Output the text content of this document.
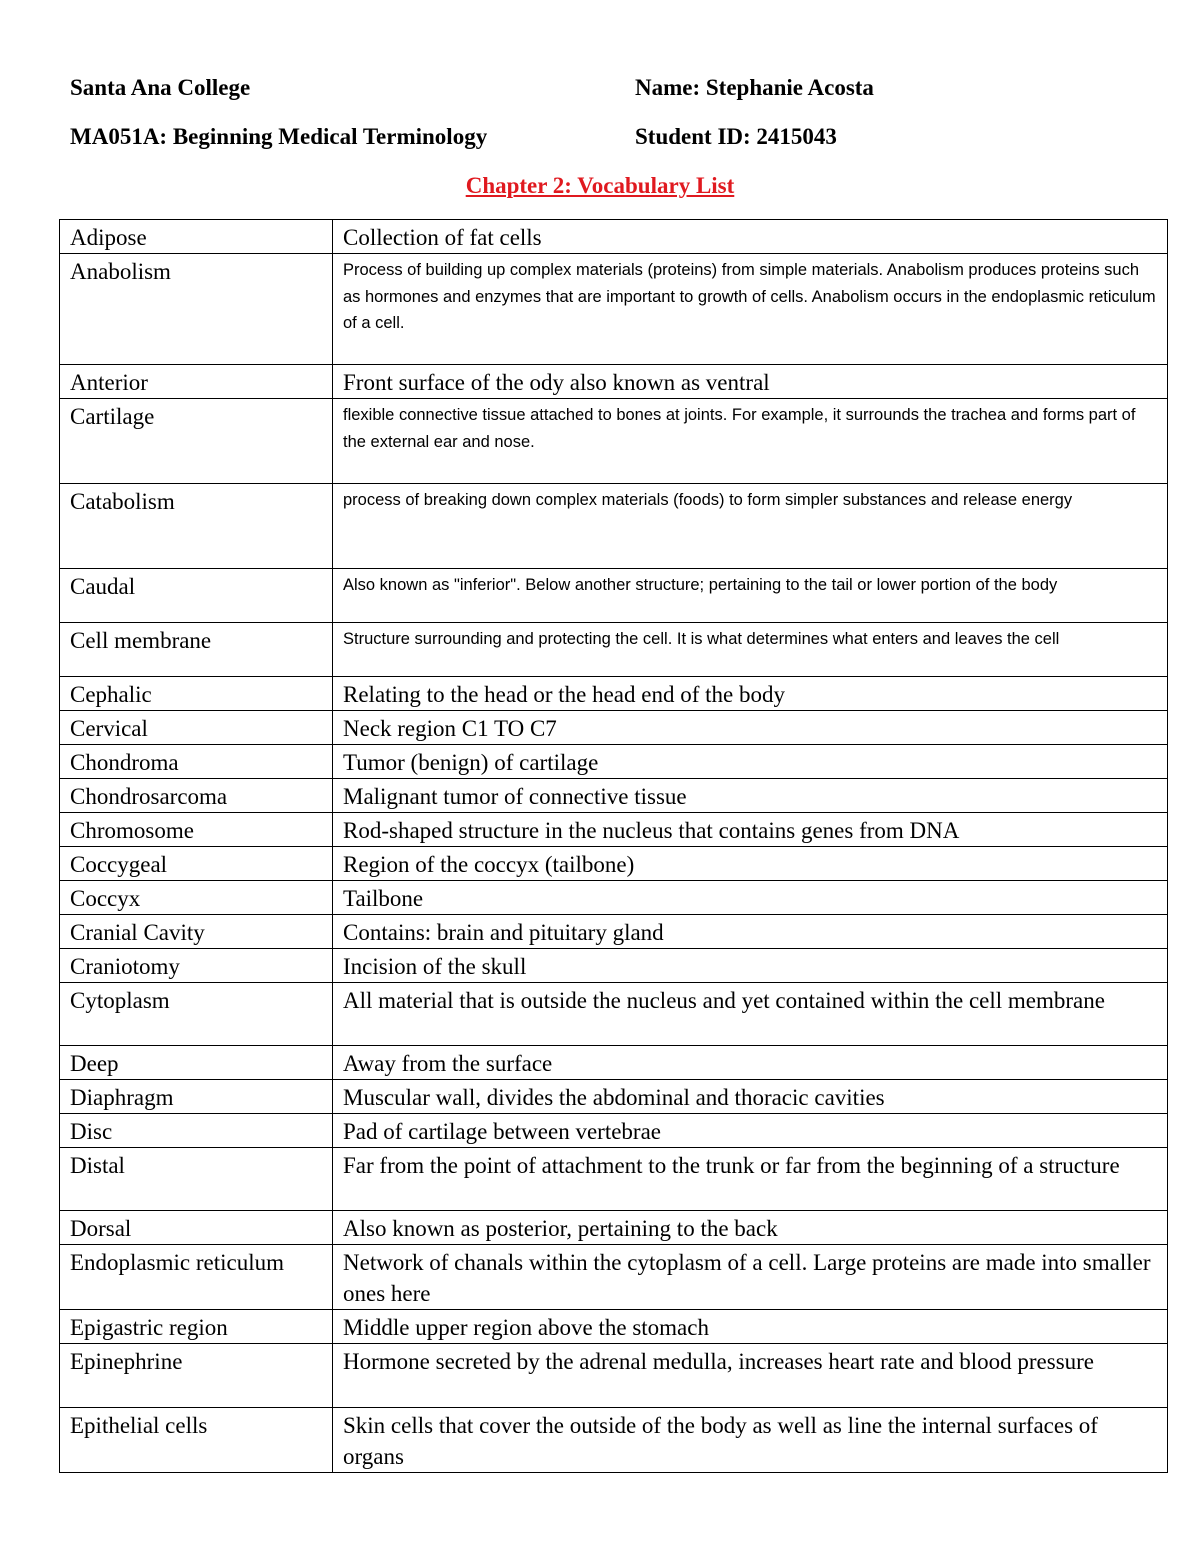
Santa Ana College	Name: Stephanie Acosta
MA051A: Beginning Medical Terminology	Student ID: 2415043
Chapter 2: Vocabulary List
Adipose	Collection of fat cells
Anabolism	Process of building up complex materials (proteins) from simple materials. Anabolism produces proteins such as hormones and enzymes that are important to growth of cells. Anabolism occurs in the endoplasmic reticulum of a cell.
Anterior	Front surface of the ody also known as ventral
Cartilage	flexible connective tissue attached to bones at joints. For example, it surrounds the trachea and forms part of the external ear and nose.
Catabolism	process of breaking down complex materials (foods) to form simpler substances and release energy
Caudal	Also known as "inferior". Below another structure; pertaining to the tail or lower portion of the body
Cell membrane	Structure surrounding and protecting the cell. It is what determines what enters and leaves the cell
Cephalic	Relating to the head or the head end of the body
Cervical	Neck region C1 TO C7
Chondroma	Tumor (benign) of cartilage
Chondrosarcoma	Malignant tumor of connective tissue
Chromosome	Rod-shaped structure in the nucleus that contains genes from DNA
Coccygeal	Region of the coccyx (tailbone)
Coccyx	Tailbone
Cranial Cavity	Contains: brain and pituitary gland
Craniotomy	Incision of the skull
Cytoplasm	All material that is outside the nucleus and yet contained within the cell membrane
Deep	Away from the surface
Diaphragm	Muscular wall, divides the abdominal and thoracic cavities
Disc	Pad of cartilage between vertebrae
Distal	Far from the point of attachment to the trunk or far from the beginning of a structure
Dorsal	Also known as posterior, pertaining to the back
Endoplasmic reticulum	Network of chanals within the cytoplasm of a cell. Large proteins are made into smaller ones here
Epigastric region	Middle upper region above the stomach
Epinephrine	Hormone secreted by the adrenal medulla, increases heart rate and blood pressure
Epithelial cells	Skin cells that cover the outside of the body as well as line the internal surfaces of organs
